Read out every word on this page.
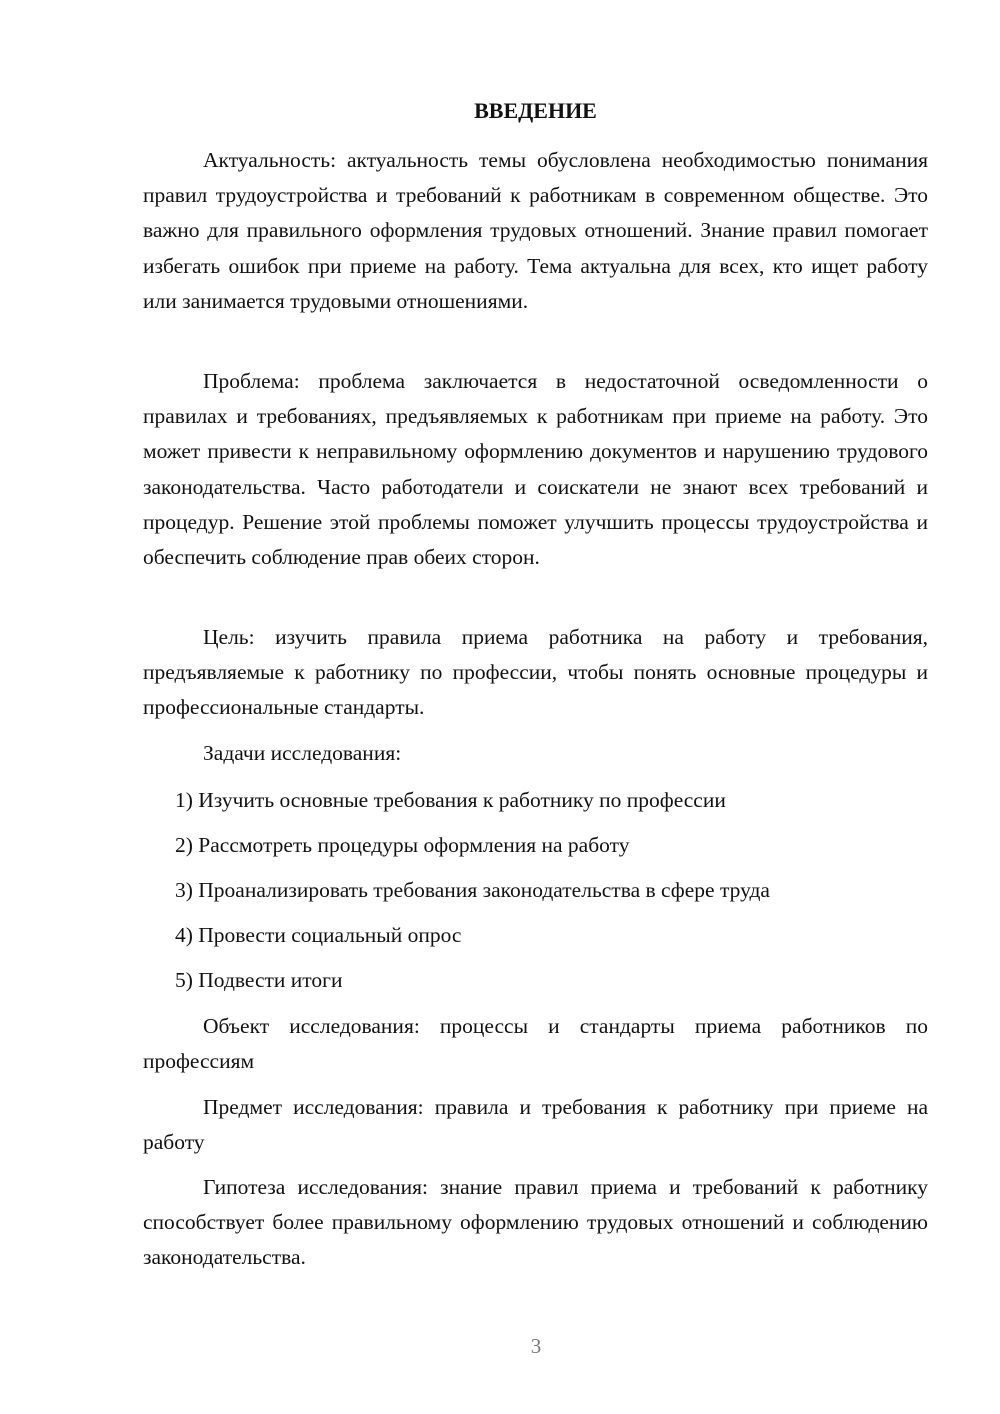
ВВЕДЕНИЕ

Актуальность: актуальность темы обусловлена необходимостью понимания правил трудоустройства и требований к работникам в современном обществе. Это важно для правильного оформления трудовых отношений. Знание правил помогает избегать ошибок при приеме на работу. Тема актуальна для всех, кто ищет работу или занимается трудовыми отношениями.

Проблема: проблема заключается в недостаточной осведомленности о правилах и требованиях, предъявляемых к работникам при приеме на работу. Это может привести к неправильному оформлению документов и нарушению трудового законодательства. Часто работодатели и соискатели не знают всех требований и процедур. Решение этой проблемы поможет улучшить процессы трудоустройства и обеспечить соблюдение прав обеих сторон.

Цель: изучить правила приема работника на работу и требования, предъявляемые к работнику по профессии, чтобы понять основные процедуры и профессиональные стандарты.

Задачи исследования:

1) Изучить основные требования к работнику по профессии
2) Рассмотреть процедуры оформления на работу
3) Проанализировать требования законодательства в сфере труда
4) Провести социальный опрос
5) Подвести итоги

Объект исследования: процессы и стандарты приема работников по профессиям

Предмет исследования: правила и требования к работнику при приеме на работу

Гипотеза исследования: знание правил приема и требований к работнику способствует более правильному оформлению трудовых отношений и соблюдению законодательства.

3
